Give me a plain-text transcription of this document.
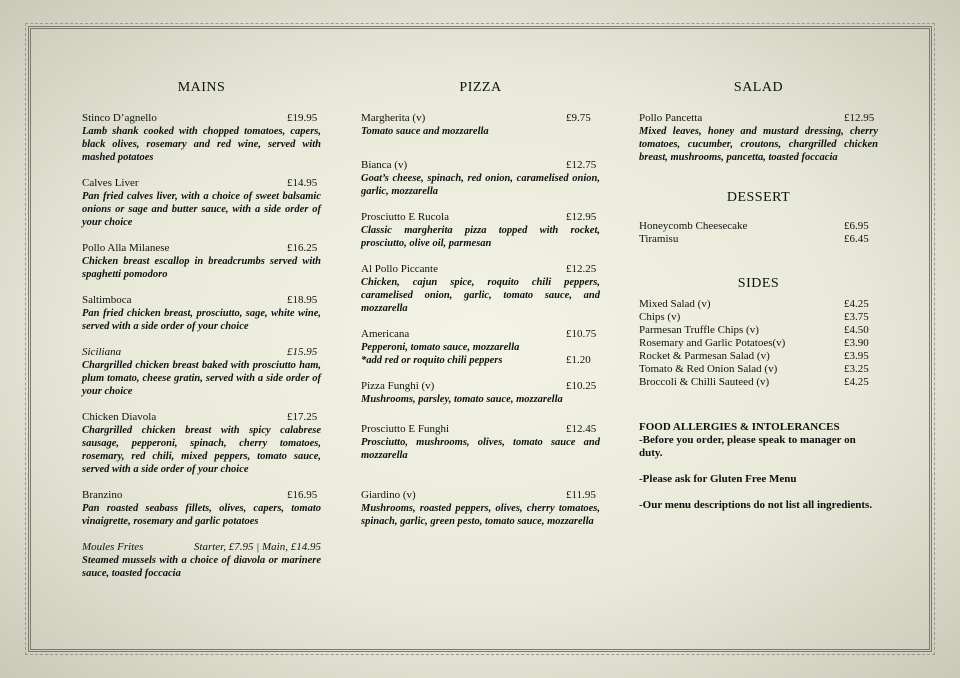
MAINS
Stinco D’agnello	£19.95

Lamb shank cooked with chopped tomatoes, capers, black olives, rosemary and red wine, served with mashed potatoes

Calves Liver	£14.95

Pan fried calves liver, with a choice of sweet balsamic onions or sage and butter sauce, with a side order of your choice

Pollo Alla Milanese	£16.25

Chicken breast escallop in breadcrumbs served with spaghetti pomodoro

Saltimboca	£18.95

Pan fried chicken breast, prosciutto, sage, white wine, served with a side order of your choice

Siciliana	£15.95

Chargrilled chicken breast baked with prosciutto ham, plum tomato, cheese gratin, served with a side order of your choice

Chicken Diavola	£17.25

Chargrilled chicken breast with spicy calabrese sausage, pepperoni, spinach, cherry tomatoes, rosemary, red chili, mixed peppers, tomato sauce, served with a side order of your choice

Branzino	£16.95

Pan roasted seabass fillets, olives, capers, tomato vinaigrette, rosemary and garlic potatoes

Moules Frites	Starter, £7.95 | Main, £14.95

Steamed mussels with a choice of diavola or marinere sauce, toasted foccacia

PIZZA
Margherita (v)	£9.75

Tomato sauce and mozzarella

Bianca (v)	£12.75

Goat’s cheese, spinach, red onion, caramelised onion, garlic, mozzarella

Prosciutto E Rucola	£12.95

Classic margherita pizza topped with rocket, prosciutto, olive oil, parmesan

Al Pollo Piccante	£12.25

Chicken, cajun spice, roquito chili peppers, caramelised onion, garlic, tomato sauce, and mozzarella

Americana	£10.75

Pepperoni, tomato sauce, mozzarella

*add red or roquito chili peppers	£1.20
Pizza Funghi (v)	£10.25

Mushrooms, parsley, tomato sauce, mozzarella

Prosciutto E Funghi	£12.45

Prosciutto, mushrooms, olives, tomato sauce and mozzarella

Giardino (v)	£11.95

Mushrooms, roasted peppers, olives, cherry tomatoes, spinach, garlic, green pesto, tomato sauce, mozzarella

SALAD
Pollo Pancetta	£12.95

Mixed leaves, honey and mustard dressing, cherry tomatoes, cucumber, croutons, chargrilled chicken breast, mushrooms, pancetta, toasted foccacia

DESSERT
Honeycomb Cheesecake	£6.95
Tiramisu	£6.45
SIDES
Mixed Salad (v)	£4.25
Chips (v)	£3.75
Parmesan Truffle Chips (v)	£4.50
Rosemary and Garlic Potatoes(v)	£3.90
Rocket & Parmesan Salad (v)	£3.95
Tomato & Red Onion Salad (v)	£3.25
Broccoli & Chilli Sauteed (v)	£4.25

FOOD ALLERGIES & INTOLERANCES

-Before you order, please speak to manager on duty.

-Please ask for Gluten Free Menu

-Our menu descriptions do not list all ingredients.
